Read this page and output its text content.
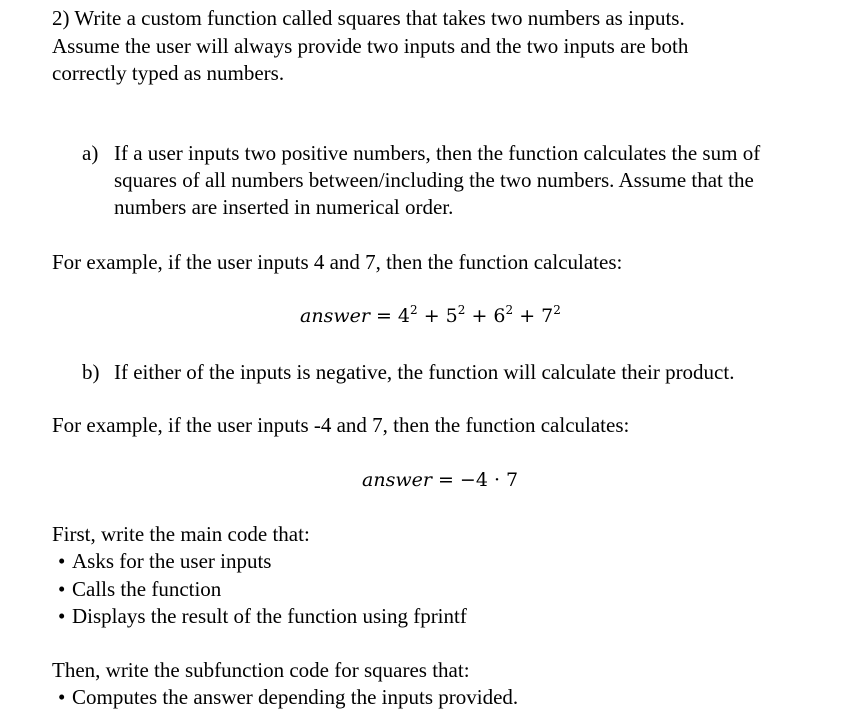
2) Write a custom function called squares that takes two numbers as inputs.
Assume the user will always provide two inputs and the two inputs are both
correctly typed as numbers.
a) If a user inputs two positive numbers, then the function calculates the sum of
squares of all numbers between/including the two numbers. Assume that the
numbers are inserted in numerical order.
For example, if the user inputs 4 and 7, then the function calculates:
answer = $4^2 + 5^2 + 6^2 + 7^2$
b) If either of the inputs is negative, the function will calculate their product.
For example, if the user inputs -4 and 7, then the function calculates:
answer = −4 · 7
First, write the main code that:
• Asks for the user inputs
• Calls the function
• Displays the result of the function using fprintf
Then, write the subfunction code for squares that:
• Computes the answer depending the inputs provided.
